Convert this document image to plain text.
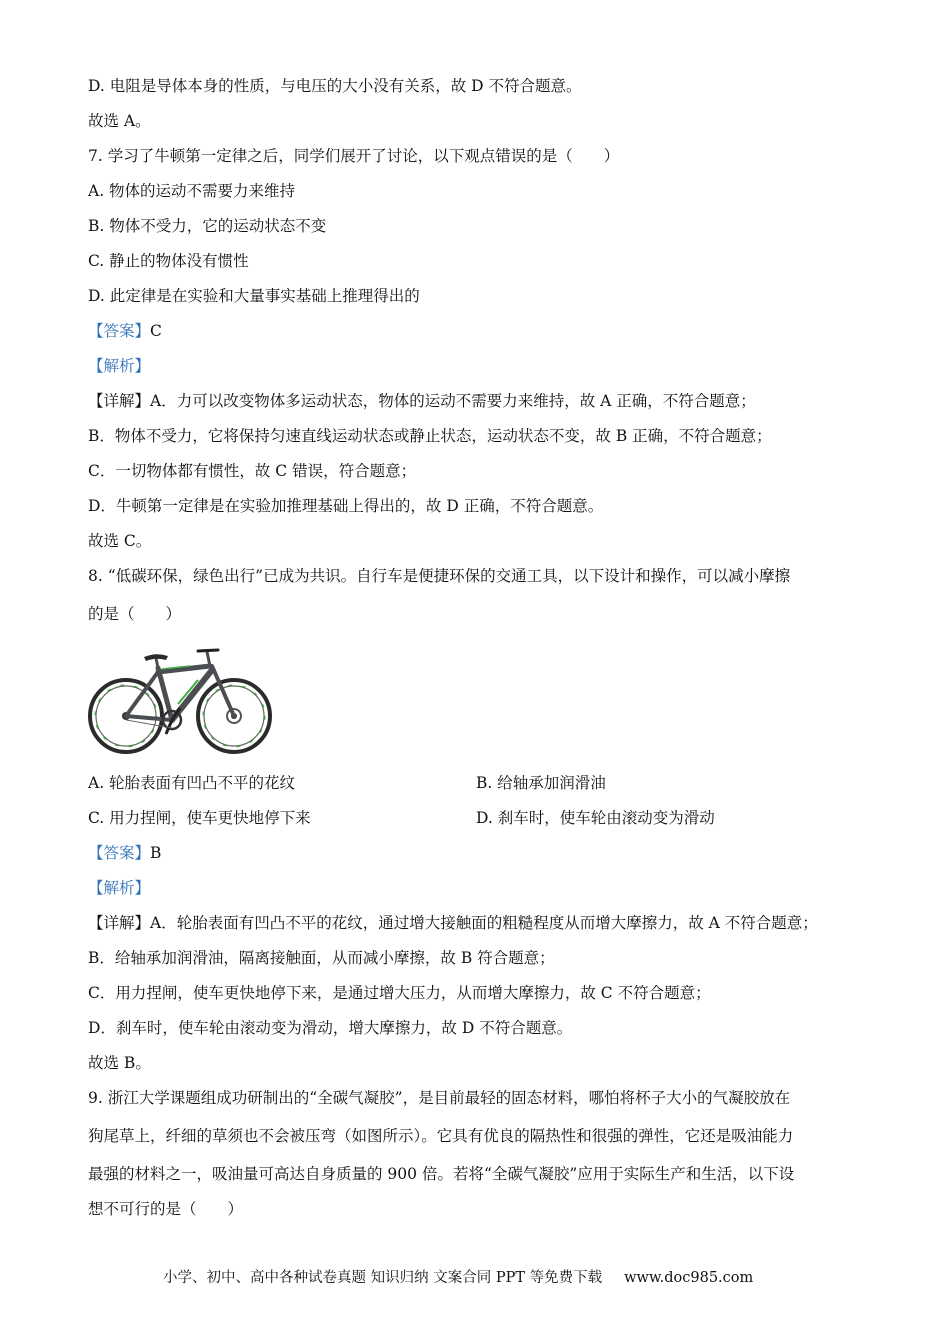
D. 电阻是导体本身的性质，与电压的大小没有关系，故 D 不符合题意。
故选 A。
7. 学习了牛顿第一定律之后，同学们展开了讨论，以下观点错误的是（　　）
A. 物体的运动不需要力来维持
B. 物体不受力，它的运动状态不变
C. 静止的物体没有惯性
D. 此定律是在实验和大量事实基础上推理得出的
【答案】C
【解析】
【详解】A．力可以改变物体多运动状态，物体的运动不需要力来维持，故 A 正确，不符合题意；
B．物体不受力，它将保持匀速直线运动状态或静止状态，运动状态不变，故 B 正确，不符合题意；
C．一切物体都有惯性，故 C 错误，符合题意；
D．牛顿第一定律是在实验加推理基础上得出的，故 D 正确，不符合题意。
故选 C。
8. “低碳环保，绿色出行”已成为共识。自行车是便捷环保的交通工具，以下设计和操作，可以减小摩擦
的是（　　）
A. 轮胎表面有凹凸不平的花纹	B. 给轴承加润滑油
C. 用力捏闸，使车更快地停下来	D. 刹车时，使车轮由滚动变为滑动
【答案】B
【解析】
【详解】A．轮胎表面有凹凸不平的花纹，通过增大接触面的粗糙程度从而增大摩擦力，故 A 不符合题意；
B．给轴承加润滑油，隔离接触面，从而减小摩擦，故 B 符合题意；
C．用力捏闸，使车更快地停下来，是通过增大压力，从而增大摩擦力，故 C 不符合题意；
D．刹车时，使车轮由滚动变为滑动，增大摩擦力，故 D 不符合题意。
故选 B。
9. 浙江大学课题组成功研制出的“全碳气凝胶”，是目前最轻的固态材料，哪怕将杯子大小的气凝胶放在
狗尾草上，纤细的草须也不会被压弯（如图所示）。它具有优良的隔热性和很强的弹性，它还是吸油能力
最强的材料之一，吸油量可高达自身质量的 900 倍。若将“全碳气凝胶”应用于实际生产和生活，以下设
想不可行的是（　　）
小学、初中、高中各种试卷真题 知识归纳 文案合同 PPT 等免费下载 www.doc985.com
